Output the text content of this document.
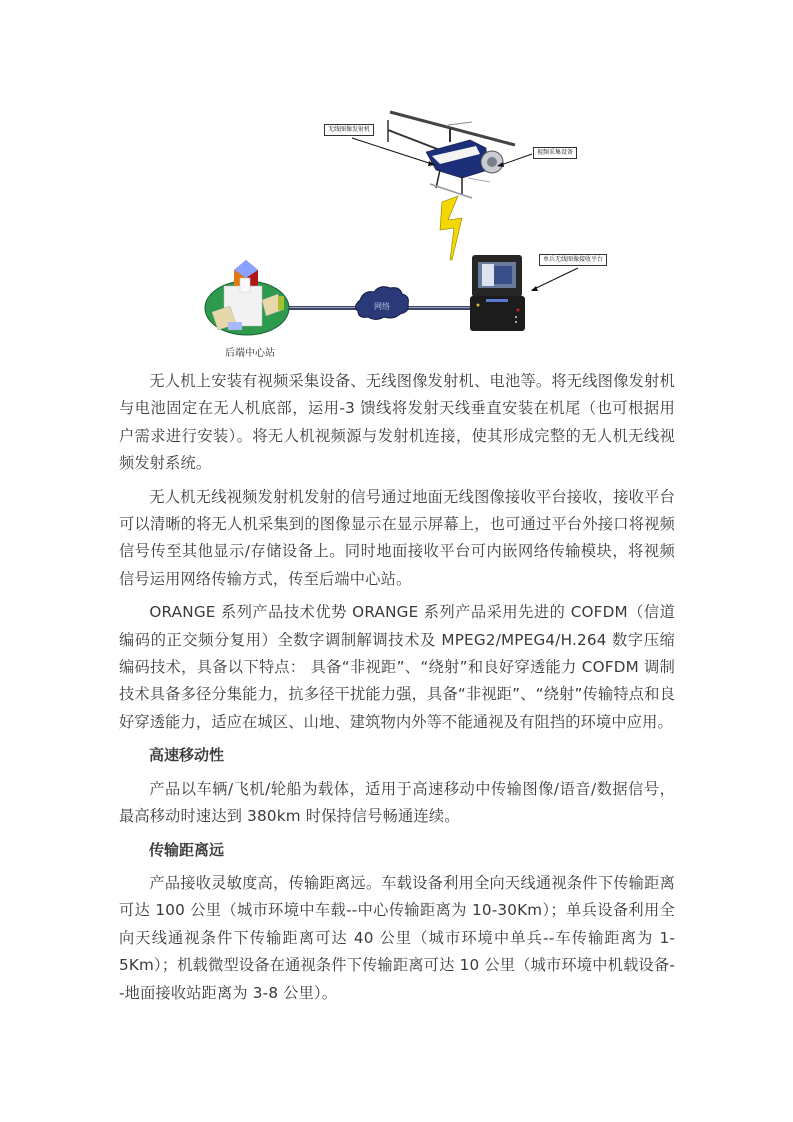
无线图像发射机
视频采集设备
单兵无线图像接收平台
网络
后端中心站

无人机上安装有视频采集设备、无线图像发射机、电池等。将无线图像发射机与电池固定在无人机底部，运用-3 馈线将发射天线垂直安装在机尾（也可根据用户需求进行安装）。将无人机视频源与发射机连接，使其形成完整的无人机无线视频发射系统。

无人机无线视频发射机发射的信号通过地面无线图像接收平台接收，接收平台可以清晰的将无人机采集到的图像显示在显示屏幕上，也可通过平台外接口将视频信号传至其他显示/存储设备上。同时地面接收平台可内嵌网络传输模块，将视频信号运用网络传输方式，传至后端中心站。

ORANGE 系列产品技术优势 ORANGE 系列产品采用先进的 COFDM（信道编码的正交频分复用）全数字调制解调技术及 MPEG2/MPEG4/H.264 数字压缩编码技术，具备以下特点： 具备“非视距”、“绕射”和良好穿透能力 COFDM 调制技术具备多径分集能力，抗多径干扰能力强，具备“非视距”、“绕射”传输特点和良好穿透能力，适应在城区、山地、建筑物内外等不能通视及有阻挡的环境中应用。

高速移动性

产品以车辆/飞机/轮船为载体，适用于高速移动中传输图像/语音/数据信号，最高移动时速达到 380km 时保持信号畅通连续。

传输距离远

产品接收灵敏度高，传输距离远。车载设备利用全向天线通视条件下传输距离可达 100 公里（城市环境中车载--中心传输距离为 10-30Km）；单兵设备利用全向天线通视条件下传输距离可达 40 公里（城市环境中单兵--车传输距离为 1-5Km）；机载微型设备在通视条件下传输距离可达 10 公里（城市环境中机载设备--地面接收站距离为 3-8 公里）。
